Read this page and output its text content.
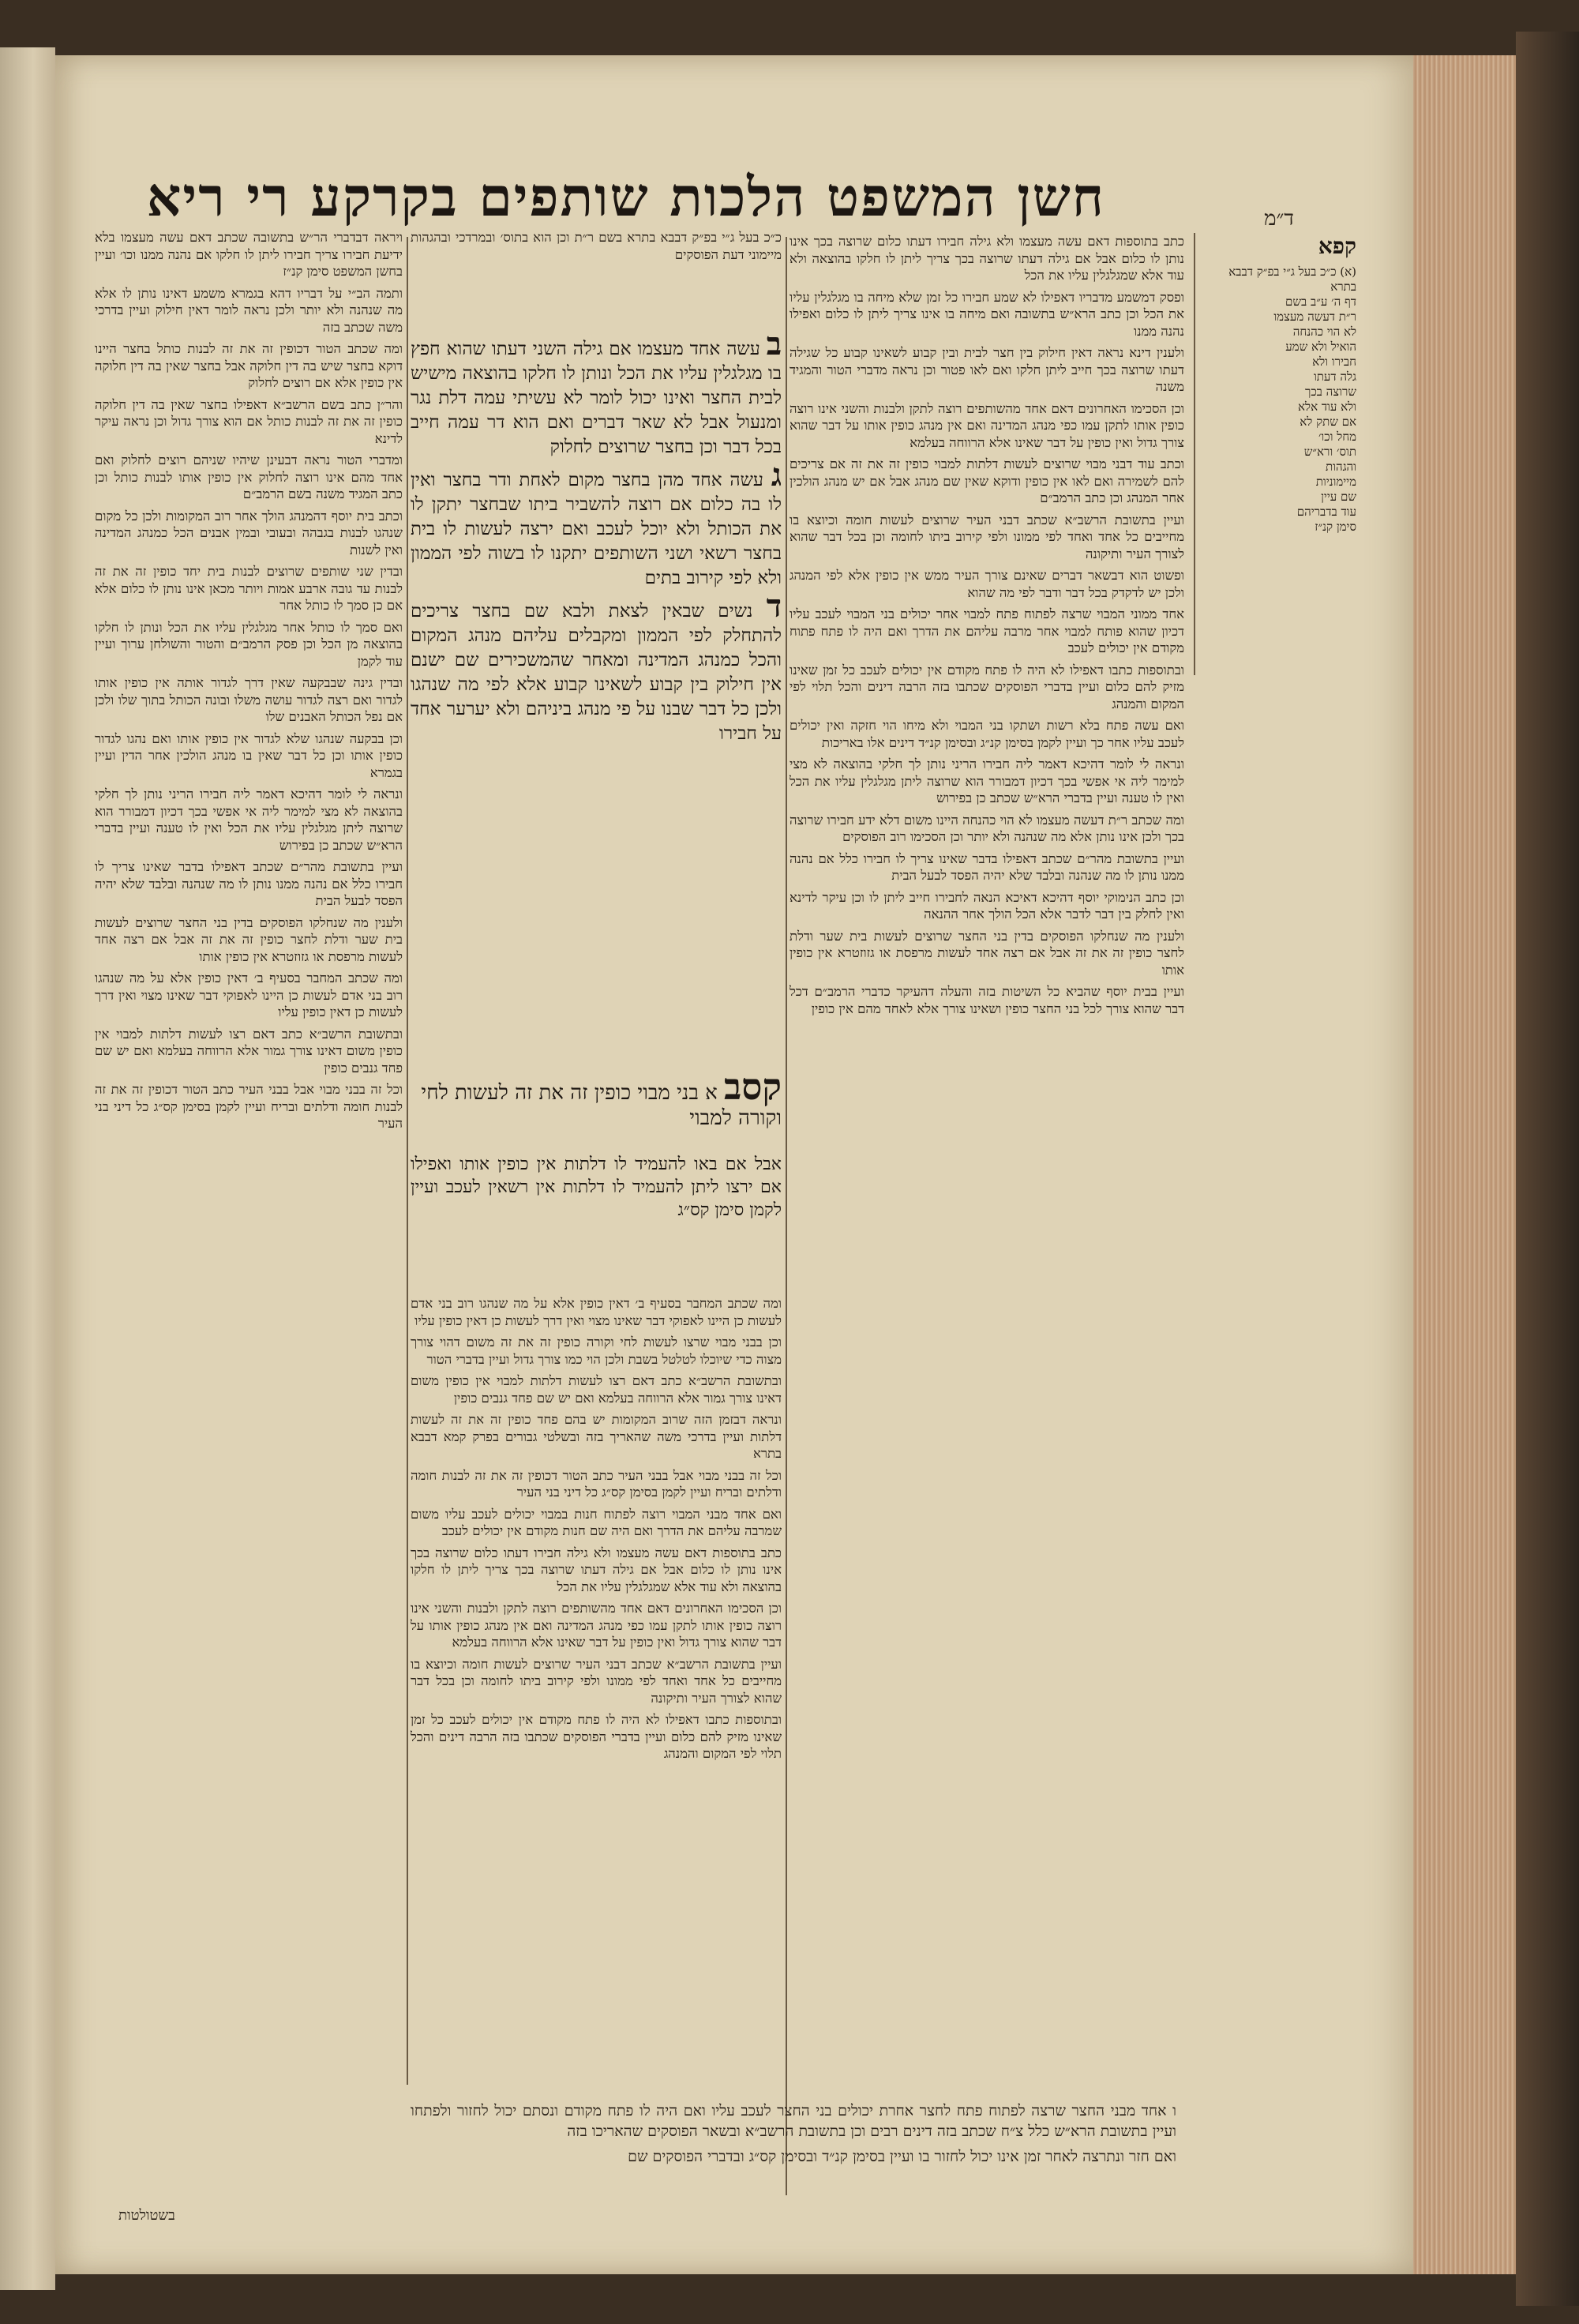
חשן המשפט הלכות שותפים בקרקע רי ריא	ד״מ
קפא
(א) כ״כ בעל ג״י בפ״ק דבבא בתרא
דף ה׳ ע״ב בשם
ר״ת דעשה מעצמו
לא הוי כהנחה
הואיל ולא שמע
חבירו ולא
גלה דעתו
שרוצה בכך
ולא עוד אלא
אם שתק לא
מחל וכו׳
תוס׳ ורא״ש
והגהות
מיימוניות
שם עיין
עוד בדבריהם
סימן קנ״ז

כתב בתוספות דאם עשה מעצמו ולא גילה חבירו דעתו כלום שרוצה בכך אינו נותן לו כלום אבל אם גילה דעתו שרוצה בכך צריך ליתן לו חלקו בהוצאה ולא עוד אלא שמגלגלין עליו את הכל

ופסק דמשמע מדבריו דאפילו לא שמע חבירו כל זמן שלא מיחה בו מגלגלין עליו את הכל וכן כתב הרא״ש בתשובה ואם מיחה בו אינו צריך ליתן לו כלום ואפילו נהנה ממנו

ולענין דינא נראה דאין חילוק בין חצר לבית ובין קבוע לשאינו קבוע כל שגילה דעתו שרוצה בכך חייב ליתן חלקו ואם לאו פטור וכן נראה מדברי הטור והמגיד משנה

וכן הסכימו האחרונים דאם אחד מהשותפים רוצה לתקן ולבנות והשני אינו רוצה כופין אותו לתקן עמו כפי מנהג המדינה ואם אין מנהג כופין אותו על דבר שהוא צורך גדול ואין כופין על דבר שאינו אלא הרווחה בעלמא

וכתב עוד דבני מבוי שרוצים לעשות דלתות למבוי כופין זה את זה אם צריכים להם לשמירה ואם לאו אין כופין ודוקא שאין שם מנהג אבל אם יש מנהג הולכין אחר המנהג וכן כתב הרמב״ם

ועיין בתשובת הרשב״א שכתב דבני העיר שרוצים לעשות חומה וכיוצא בו מחייבים כל אחד ואחד לפי ממונו ולפי קירוב ביתו לחומה וכן בכל דבר שהוא לצורך העיר ותיקונה

ופשוט הוא דבשאר דברים שאינם צורך העיר ממש אין כופין אלא לפי המנהג ולכן יש לדקדק בכל דבר ודבר לפי מה שהוא

אחד ממוני המבוי שרצה לפתוח פתח למבוי אחר יכולים בני המבוי לעכב עליו דכיון שהוא פותח למבוי אחר מרבה עליהם את הדרך ואם היה לו פתח פתוח מקודם אין יכולים לעכב

ובתוספות כתבו דאפילו לא היה לו פתח מקודם אין יכולים לעכב כל זמן שאינו מזיק להם כלום ועיין בדברי הפוסקים שכתבו בזה הרבה דינים והכל תלוי לפי המקום והמנהג

ואם עשה פתח בלא רשות ושתקו בני המבוי ולא מיחו הוי חזקה ואין יכולים לעכב עליו אחר כך ועיין לקמן בסימן קנ״ג ובסימן קנ״ד דינים אלו באריכות

ונראה לי לומר דהיכא דאמר ליה חבירו הריני נותן לך חלקי בהוצאה לא מצי למימר ליה אי אפשי בכך דכיון דמבורר הוא שרוצה ליתן מגלגלין עליו את הכל ואין לו טענה ועיין בדברי הרא״ש שכתב כן בפירוש

ומה שכתב ר״ת דעשה מעצמו לא הוי כהנחה היינו משום דלא ידע חבירו שרוצה בכך ולכן אינו נותן אלא מה שנהנה ולא יותר וכן הסכימו רוב הפוסקים

ועיין בתשובת מהר״ם שכתב דאפילו בדבר שאינו צריך לו חבירו כלל אם נהנה ממנו נותן לו מה שנהנה ובלבד שלא יהיה הפסד לבעל הבית

וכן כתב הנימוקי יוסף דהיכא דאיכא הנאה לחבירו חייב ליתן לו וכן עיקר לדינא ואין לחלק בין דבר לדבר אלא הכל הולך אחר ההנאה

ולענין מה שנחלקו הפוסקים בדין בני החצר שרוצים לעשות בית שער ודלת לחצר כופין זה את זה אבל אם רצה אחד לעשות מרפסת או גזוזטרא אין כופין אותו

ועיין בבית יוסף שהביא כל השיטות בזה והעלה דהעיקר כדברי הרמב״ם דכל דבר שהוא צורך לכל בני החצר כופין ושאינו צורך אלא לאחד מהם אין כופין

כ״כ בעל ג״י בפ״ק דבבא בתרא בשם ר״ת וכן הוא בתוס׳ ובמרדכי ובהגהות מיימוני דעת הפוסקים

ב עשה אחד מעצמו אם גילה השני דעתו שהוא חפץ בו מגלגלין עליו את הכל ונותן לו חלקו בהוצאה מישיש לבית החצר ואינו יכול לומר לא עשיתי עמה דלת נגר ומנעול אבל לא שאר דברים ואם הוא דר עמה חייב בכל דבר וכן בחצר שרוצים לחלוק
ג עשה אחד מהן בחצר מקום לאחת ודר בחצר ואין לו בה כלום אם רוצה להשביר ביתו שבחצר יתקן לו את הכותל ולא יוכל לעכב ואם ירצה לעשות לו בית בחצר רשאי ושני השותפים יתקנו לו בשוה לפי הממון ולא לפי קירוב בתים
ד נשים שבאין לצאת ולבא שם בחצר צריכים להתחלק לפי הממון ומקבלים עליהם מנהג המקום והכל כמנהג המדינה ומאחר שהמשכירים שם ישנם אין חילוק בין קבוע לשאינו קבוע אלא לפי מה שנהגו ולכן כל דבר שבנו על פי מנהג ביניהם ולא יערער אחד על חבירו
קסב א בני מבוי כופין זה את זה לעשות לחי וקורה למבוי
אבל אם באו להעמיד לו דלתות אין כופין אותו ואפילו אם ירצו ליתן להעמיד לו דלתות אין רשאין לעכב ועיין לקמן סימן קס״ג

ומה שכתב המחבר בסעיף ב׳ דאין כופין אלא על מה שנהגו רוב בני אדם לעשות כן היינו לאפוקי דבר שאינו מצוי ואין דרך לעשות כן דאין כופין עליו

וכן בבני מבוי שרצו לעשות לחי וקורה כופין זה את זה משום דהוי צורך מצוה כדי שיוכלו לטלטל בשבת ולכן הוי כמו צורך גדול ועיין בדברי הטור

ובתשובת הרשב״א כתב דאם רצו לעשות דלתות למבוי אין כופין משום דאינו צורך גמור אלא הרווחה בעלמא ואם יש שם פחד גנבים כופין

ונראה דבזמן הזה שרוב המקומות יש בהם פחד כופין זה את זה לעשות דלתות ועיין בדרכי משה שהאריך בזה ובשלטי גבורים בפרק קמא דבבא בתרא

וכל זה בבני מבוי אבל בבני העיר כתב הטור דכופין זה את זה לבנות חומה ודלתים ובריח ועיין לקמן בסימן קס״ג כל דיני בני העיר

ואם אחד מבני המבוי רוצה לפתוח חנות במבוי יכולים לעכב עליו משום שמרבה עליהם את הדרך ואם היה שם חנות מקודם אין יכולים לעכב

כתב בתוספות דאם עשה מעצמו ולא גילה חבירו דעתו כלום שרוצה בכך אינו נותן לו כלום אבל אם גילה דעתו שרוצה בכך צריך ליתן לו חלקו בהוצאה ולא עוד אלא שמגלגלין עליו את הכל

וכן הסכימו האחרונים דאם אחד מהשותפים רוצה לתקן ולבנות והשני אינו רוצה כופין אותו לתקן עמו כפי מנהג המדינה ואם אין מנהג כופין אותו על דבר שהוא צורך גדול ואין כופין על דבר שאינו אלא הרווחה בעלמא

ועיין בתשובת הרשב״א שכתב דבני העיר שרוצים לעשות חומה וכיוצא בו מחייבים כל אחד ואחד לפי ממונו ולפי קירוב ביתו לחומה וכן בכל דבר שהוא לצורך העיר ותיקונה

ובתוספות כתבו דאפילו לא היה לו פתח מקודם אין יכולים לעכב כל זמן שאינו מזיק להם כלום ועיין בדברי הפוסקים שכתבו בזה הרבה דינים והכל תלוי לפי המקום והמנהג

ויראה דבדברי הר״ש בתשובה שכתב דאם עשה מעצמו בלא ידיעת חבירו צריך חבירו ליתן לו חלקו אם נהנה ממנו וכו׳ ועיין בחשן המשפט סימן קנ״ז

ותמה הב״י על דבריו דהא בגמרא משמע דאינו נותן לו אלא מה שנהנה ולא יותר ולכן נראה לומר דאין חילוק ועיין בדרכי משה שכתב בזה

ומה שכתב הטור דכופין זה את זה לבנות כותל בחצר היינו דוקא בחצר שיש בה דין חלוקה אבל בחצר שאין בה דין חלוקה אין כופין אלא אם רוצים לחלוק

והר״ן כתב בשם הרשב״א דאפילו בחצר שאין בה דין חלוקה כופין זה את זה לבנות כותל אם הוא צורך גדול וכן נראה עיקר לדינא

ומדברי הטור נראה דבעינן שיהיו שניהם רוצים לחלוק ואם אחד מהם אינו רוצה לחלוק אין כופין אותו לבנות כותל וכן כתב המגיד משנה בשם הרמב״ם

וכתב בית יוסף דהמנהג הולך אחר רוב המקומות ולכן כל מקום שנהגו לבנות בגבהה ובעובי ובמין אבנים הכל כמנהג המדינה ואין לשנות

ובדין שני שותפים שרוצים לבנות בית יחד כופין זה את זה לבנות עד גובה ארבע אמות ויותר מכאן אינו נותן לו כלום אלא אם כן סמך לו כותל אחר

ואם סמך לו כותל אחר מגלגלין עליו את הכל ונותן לו חלקו בהוצאה מן הכל וכן פסק הרמב״ם והטור והשולחן ערוך ועיין עוד לקמן

ובדין גינה שבבקעה שאין דרך לגדור אותה אין כופין אותו לגדור ואם רצה לגדור עושה משלו ובונה הכותל בתוך שלו ולכן אם נפל הכותל האבנים שלו

וכן בבקעה שנהגו שלא לגדור אין כופין אותו ואם נהגו לגדור כופין אותו וכן כל דבר שאין בו מנהג הולכין אחר הדין ועיין בגמרא

ונראה לי לומר דהיכא דאמר ליה חבירו הריני נותן לך חלקי בהוצאה לא מצי למימר ליה אי אפשי בכך דכיון דמבורר הוא שרוצה ליתן מגלגלין עליו את הכל ואין לו טענה ועיין בדברי הרא״ש שכתב כן בפירוש

ועיין בתשובת מהר״ם שכתב דאפילו בדבר שאינו צריך לו חבירו כלל אם נהנה ממנו נותן לו מה שנהנה ובלבד שלא יהיה הפסד לבעל הבית

ולענין מה שנחלקו הפוסקים בדין בני החצר שרוצים לעשות בית שער ודלת לחצר כופין זה את זה אבל אם רצה אחד לעשות מרפסת או גזוזטרא אין כופין אותו

ומה שכתב המחבר בסעיף ב׳ דאין כופין אלא על מה שנהגו רוב בני אדם לעשות כן היינו לאפוקי דבר שאינו מצוי ואין דרך לעשות כן דאין כופין עליו

ובתשובת הרשב״א כתב דאם רצו לעשות דלתות למבוי אין כופין משום דאינו צורך גמור אלא הרווחה בעלמא ואם יש שם פחד גנבים כופין

וכל זה בבני מבוי אבל בבני העיר כתב הטור דכופין זה את זה לבנות חומה ודלתים ובריח ועיין לקמן בסימן קס״ג כל דיני בני העיר

ו אחד מבני החצר שרצה לפתוח פתח לחצר אחרת יכולים בני החצר לעכב עליו ואם היה לו פתח מקודם ונסתם יכול לחזור ולפתחו ועיין בתשובת הרא״ש כלל צ״ח שכתב בזה דינים רבים וכן בתשובת הרשב״א ובשאר הפוסקים שהאריכו בזה

ואם חזר ונתרצה לאחר זמן אינו יכול לחזור בו ועיין בסימן קנ״ד ובסימן קס״ג ובדברי הפוסקים שם

בשטולטות
